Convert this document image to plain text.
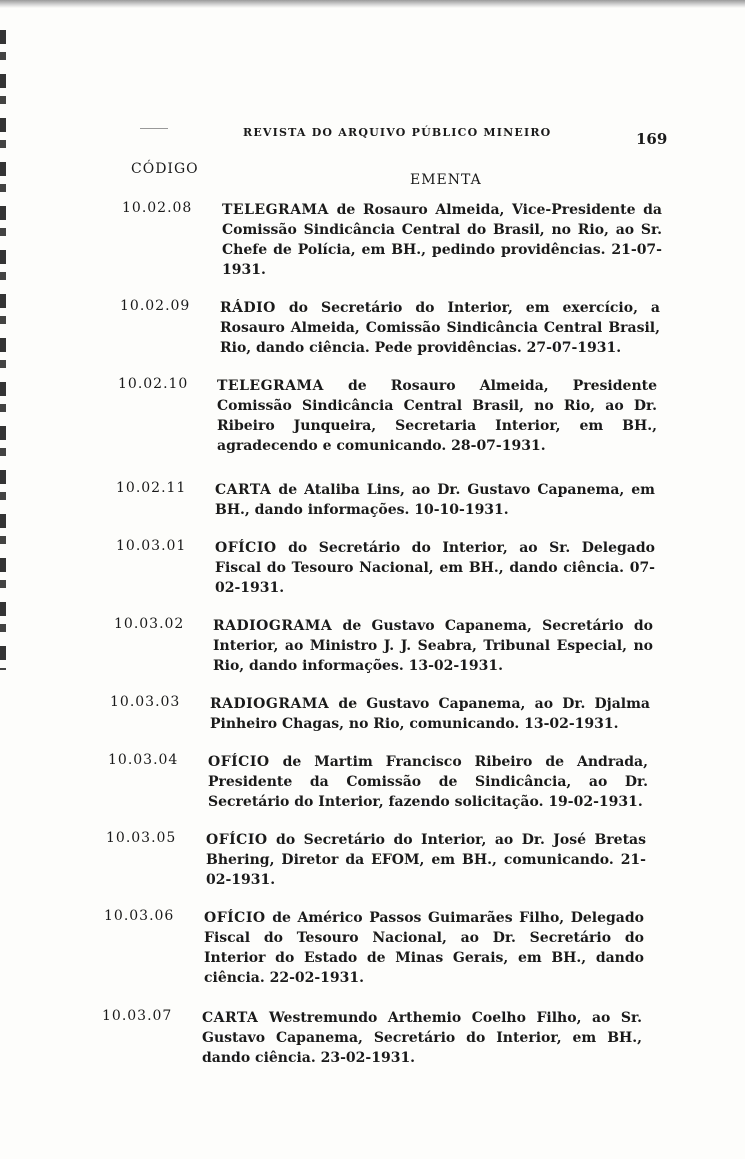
REVISTA DO ARQUIVO PÚBLICO MINEIRO	169
CÓDIGO
EMENTA
10.02.08 TELEGRAMA de Rosauro Almeida, Vice-Presidente da Comissão Sindicância Central do Brasil, no Rio, ao Sr. Chefe de Polícia, em BH., pedindo providências. 21-07-1931.
10.02.09 RÁDIO do Secretário do Interior, em exercício, a Rosauro Almeida, Comissão Sindicância Central Brasil, Rio, dando ciência. Pede providências. 27-07-1931.
10.02.10 TELEGRAMA de Rosauro Almeida, Presidente Comissão Sindicância Central Brasil, no Rio, ao Dr. Ribeiro Junqueira, Secretaria Interior, em BH., agradecendo e comunicando. 28-07-1931.
10.02.11 CARTA de Ataliba Lins, ao Dr. Gustavo Capanema, em BH., dando informações. 10-10-1931.
10.03.01 OFÍCIO do Secretário do Interior, ao Sr. Delegado Fiscal do Tesouro Nacional, em BH., dando ciência. 07-02-1931.
10.03.02 RADIOGRAMA de Gustavo Capanema, Secretário do Interior, ao Ministro J. J. Seabra, Tribunal Especial, no Rio, dando informações. 13-02-1931.
10.03.03 RADIOGRAMA de Gustavo Capanema, ao Dr. Djalma Pinheiro Chagas, no Rio, comunicando. 13-02-1931.
10.03.04 OFÍCIO de Martim Francisco Ribeiro de Andrada, Presidente da Comissão de Sindicância, ao Dr. Secretário do Interior, fazendo solicitação. 19-02-1931.
10.03.05 OFÍCIO do Secretário do Interior, ao Dr. José Bretas Bhering, Diretor da EFOM, em BH., comunicando. 21-02-1931.
10.03.06 OFÍCIO de Américo Passos Guimarães Filho, Delegado Fiscal do Tesouro Nacional, ao Dr. Secretário do Interior do Estado de Minas Gerais, em BH., dando ciência. 22-02-1931.
10.03.07 CARTA Westremundo Arthemio Coelho Filho, ao Sr. Gustavo Capanema, Secretário do Interior, em BH., dando ciência. 23-02-1931.
